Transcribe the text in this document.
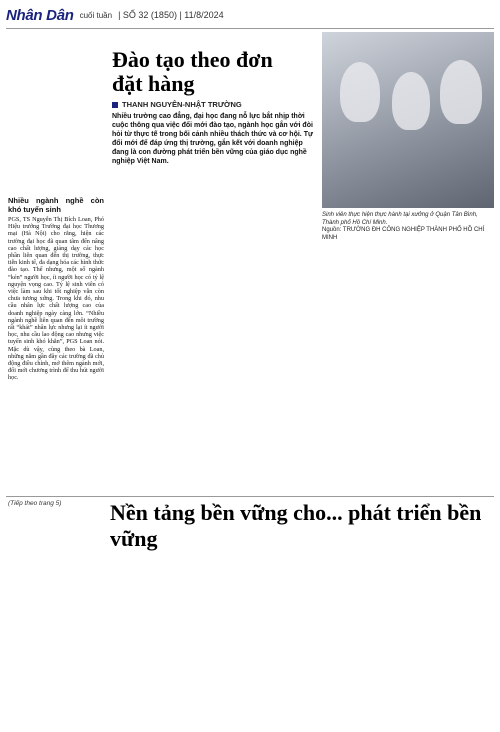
Nhân Dân cuối tuần | SỐ 32 (1850) | 11/8/2024
Đào tạo theo đơn đặt hàng
THANH NGUYÊN-NHẬT TRƯỜNG
Nhiều trường cao đẳng, đại học đang nỗ lực bắt nhịp thời cuộc thông qua việc đổi mới đào tạo, ngành học gắn với đòi hỏi từ thực tế trong bối cảnh nhiều thách thức và cơ hội. Tự đổi mới để đáp ứng thị trường, gắn kết với doanh nghiệp đang là con đường phát triển bền vững của giáo dục nghề nghiệp Việt Nam.
Sinh viên thực hiện thực hành tại xưởng ở Quận Tân Bình, Thành phố Hồ Chí Minh.
Nguồn: TRƯỜNG ĐH CÔNG NGHIỆP THÀNH PHỐ HỒ CHÍ MINH
Nhiều ngành nghề còn khó tuyển sinh

PGS, TS Nguyễn Thị Bích Loan, Phó Hiệu trưởng Trường đại học Thương mại (Hà Nội) cho rằng, hiện các trường đại học đã quan tâm đến nâng cao chất lượng, giảng dạy các học phần liên quan đến thị trường, thực tiễn kinh tế, đa dạng hóa các hình thức đào tạo. Thế nhưng, một số ngành “kén” người học, ít người học có tỷ lệ nguyện vọng cao. Tỷ lệ sinh viên có việc làm sau khi tốt nghiệp vẫn còn chưa tương xứng. Trong khi đó, nhu cầu nhân lực chất lượng cao của doanh nghiệp ngày càng lớn. “Nhiều ngành nghề liên quan đến môi trường rất “khát” nhân lực nhưng lại ít người học, nhu cầu lao động cao nhưng việc tuyển sinh khó khăn”, PGS Loan nói. Mặc dù vậy, cùng theo bà Loan, những năm gần đây các trường đã chủ động điều chỉnh, mở thêm ngành mới, đổi mới chương trình để thu hút người học.

(Tiếp theo trang 5) Nền tảng bền vững cho... phát triển bền vững
